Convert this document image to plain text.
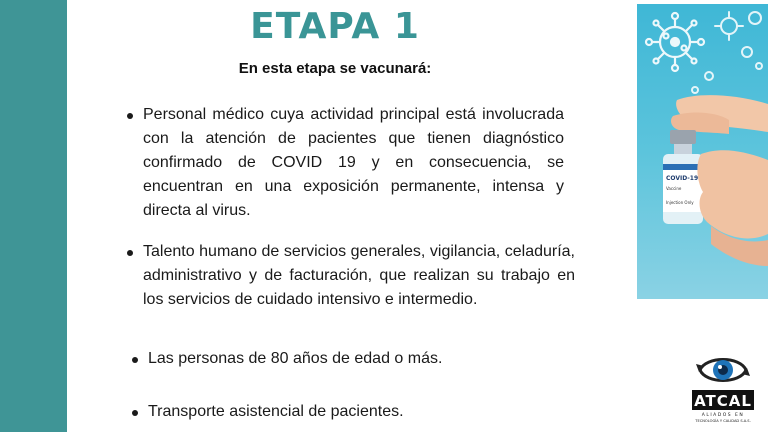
ETAPA 1
En esta etapa se vacunará:
Personal médico cuya actividad principal está involucrada con la atención de pacientes que tienen diagnóstico confirmado de COVID 19 y en consecuencia, se encuentran en una exposición permanente, intensa y directa al virus.
Talento humano de servicios generales, vigilancia, celaduría, administrativo y de facturación, que realizan su trabajo en los servicios de cuidado intensivo e intermedio.
Las personas de 80 años de edad o más.
Transporte asistencial de pacientes.
COVID-19
Vaccine
Injection Only
ATCAL
ALIADOS EN
TECNOLOGÍA Y CALIDAD S.A.S.
